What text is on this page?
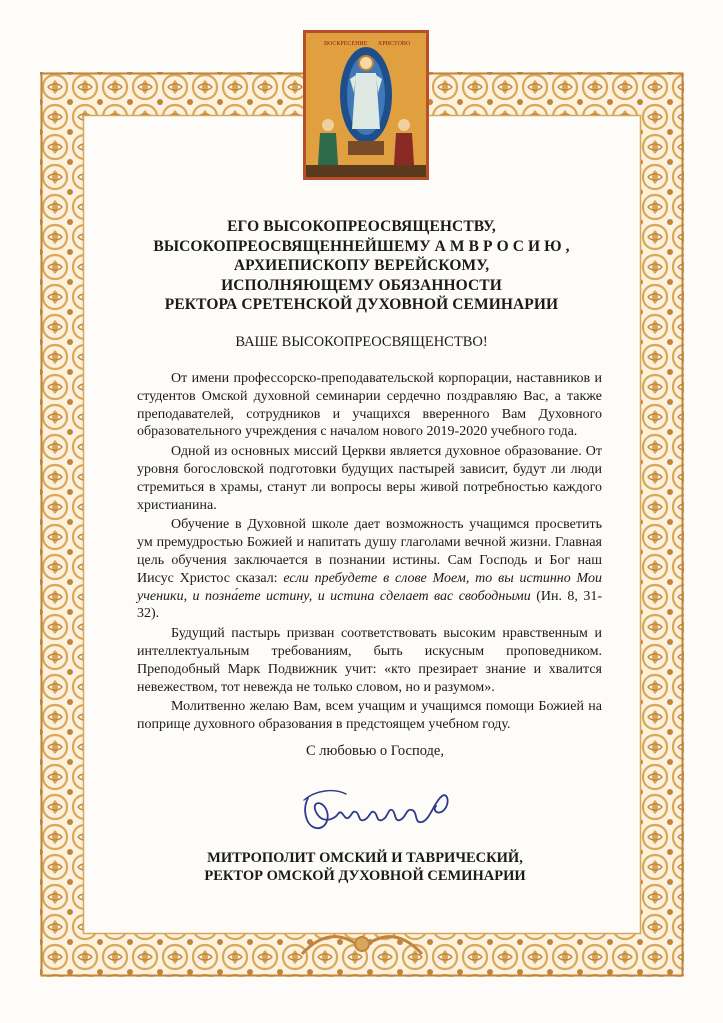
ВОСКРЕСЕНИЕ ХРИСТОВО
ЕГО ВЫСОКОПРЕОСВЯЩЕНСТВУ,
ВЫСОКОПРЕОСВЯЩЕННЕЙШЕМУ А М В Р О С И Ю ,
АРХИЕПИСКОПУ ВЕРЕЙСКОМУ,
ИСПОЛНЯЮЩЕМУ ОБЯЗАННОСТИ
РЕКТОРА СРЕТЕНСКОЙ ДУХОВНОЙ СЕМИНАРИИ
ВАШЕ ВЫСОКОПРЕОСВЯЩЕНСТВО!

От имени профессорско-преподавательской корпорации, наставников и студентов Омской духовной семинарии сердечно поздравляю Вас, а также преподавателей, сотрудников и учащихся вверенного Вам Духовного образовательного учреждения с началом нового 2019-2020 учебного года.

Одной из основных миссий Церкви является духовное образование. От уровня богословской подготовки будущих пастырей зависит, будут ли люди стремиться в храмы, станут ли вопросы веры живой потребностью каждого христианина.

Обучение в Духовной школе дает возможность учащимся просветить ум премудростью Божией и напитать душу глаголами вечной жизни. Главная цель обучения заключается в познании истины. Сам Господь и Бог наш Иисус Христос сказал: если пребудете в слове Моем, то вы истинно Мои ученики, и позна́ете истину, и истина сделает вас свободными (Ин. 8, 31-32).

Будущий пастырь призван соответствовать высоким нравственным и интеллектуальным требованиям, быть искусным проповедником. Преподобный Марк Подвижник учит: «кто презирает знание и хвалится невежеством, тот невежда не только словом, но и разумом».

Молитвенно желаю Вам, всем учащим и учащимся помощи Божией на поприще духовного образования в предстоящем учебном году.

С любовью о Господе,
МИТРОПОЛИТ ОМСКИЙ И ТАВРИЧЕСКИЙ,
РЕКТОР ОМСКОЙ ДУХОВНОЙ СЕМИНАРИИ
